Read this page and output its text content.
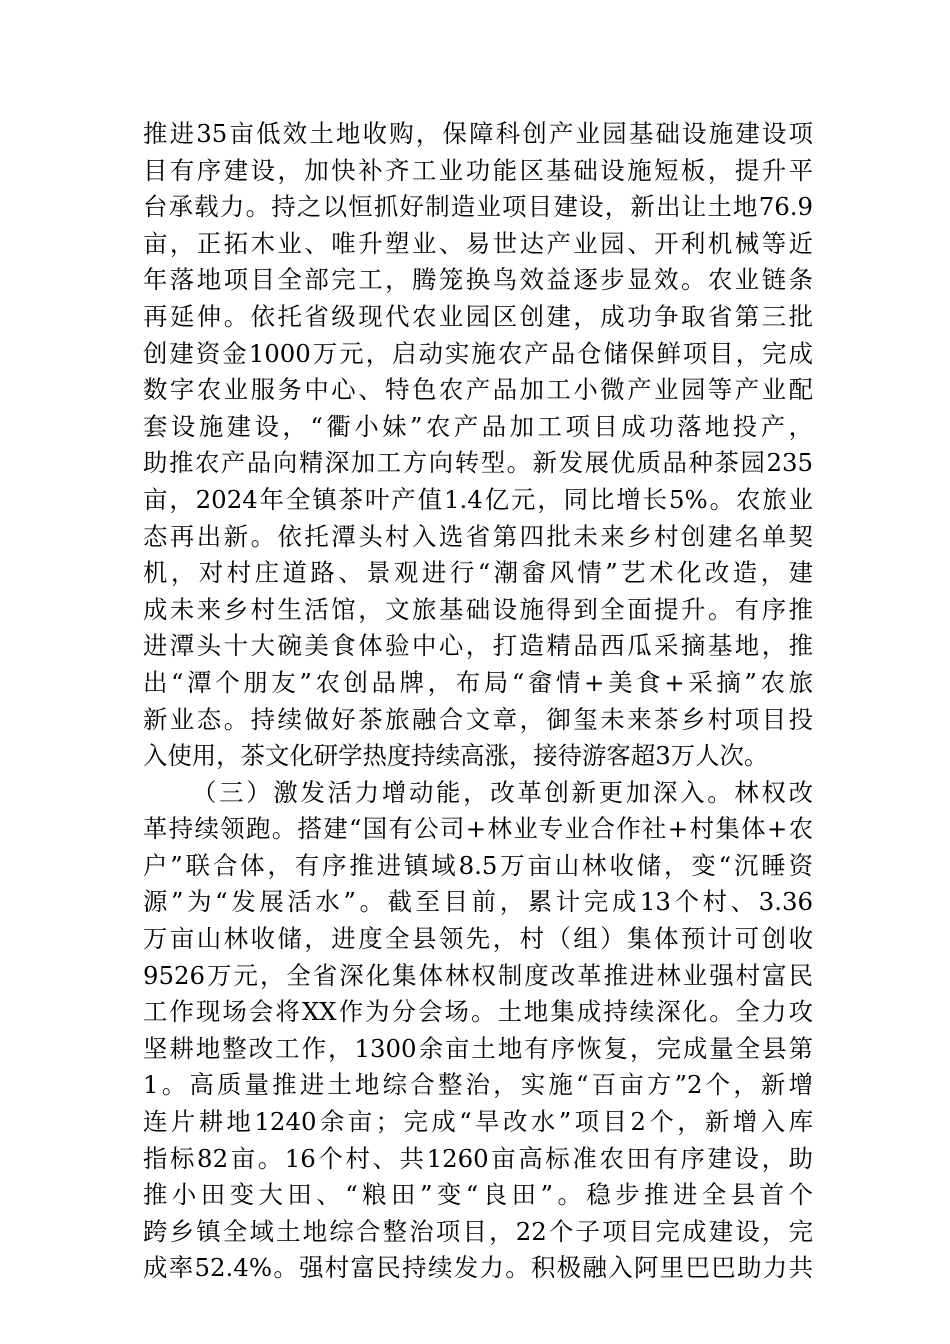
推进35亩低效土地收购，保障科创产业园基础设施建设项
目有序建设，加快补齐工业功能区基础设施短板，提升平
台承载力。持之以恒抓好制造业项目建设，新出让土地76.9
亩，正拓木业、唯升塑业、易世达产业园、开利机械等近
年落地项目全部完工，腾笼换鸟效益逐步显效。农业链条
再延伸。依托省级现代农业园区创建，成功争取省第三批
创建资金1000万元，启动实施农产品仓储保鲜项目，完成
数字农业服务中心、特色农产品加工小微产业园等产业配
套设施建设，“衢小妹”农产品加工项目成功落地投产，
助推农产品向精深加工方向转型。新发展优质品种茶园235
亩，2024年全镇茶叶产值1.4亿元，同比增长5%。农旅业
态再出新。依托潭头村入选省第四批未来乡村创建名单契
机，对村庄道路、景观进行“潮畲风情”艺术化改造，建
成未来乡村生活馆，文旅基础设施得到全面提升。有序推
进潭头十大碗美食体验中心，打造精品西瓜采摘基地，推
出“潭个朋友”农创品牌，布局“畲情+美食+采摘”农旅
新业态。持续做好茶旅融合文章，御玺未来茶乡村项目投
入使用，茶文化研学热度持续高涨，接待游客超3万人次。
（三）激发活力增动能，改革创新更加深入。林权改
革持续领跑。搭建“国有公司+林业专业合作社+村集体+农
户”联合体，有序推进镇域8.5万亩山林收储，变“沉睡资
源”为“发展活水”。截至目前，累计完成13个村、3.36
万亩山林收储，进度全县领先，村（组）集体预计可创收
9526万元，全省深化集体林权制度改革推进林业强村富民
工作现场会将XX作为分会场。土地集成持续深化。全力攻
坚耕地整改工作，1300余亩土地有序恢复，完成量全县第
1。高质量推进土地综合整治，实施“百亩方”2个，新增
连片耕地1240余亩；完成“旱改水”项目2个，新增入库
指标82亩。16个村、共1260亩高标准农田有序建设，助
推小田变大田、“粮田”变“良田”。稳步推进全县首个
跨乡镇全域土地综合整治项目，22个子项目完成建设，完
成率52.4%。强村富民持续发力。积极融入阿里巴巴助力共
